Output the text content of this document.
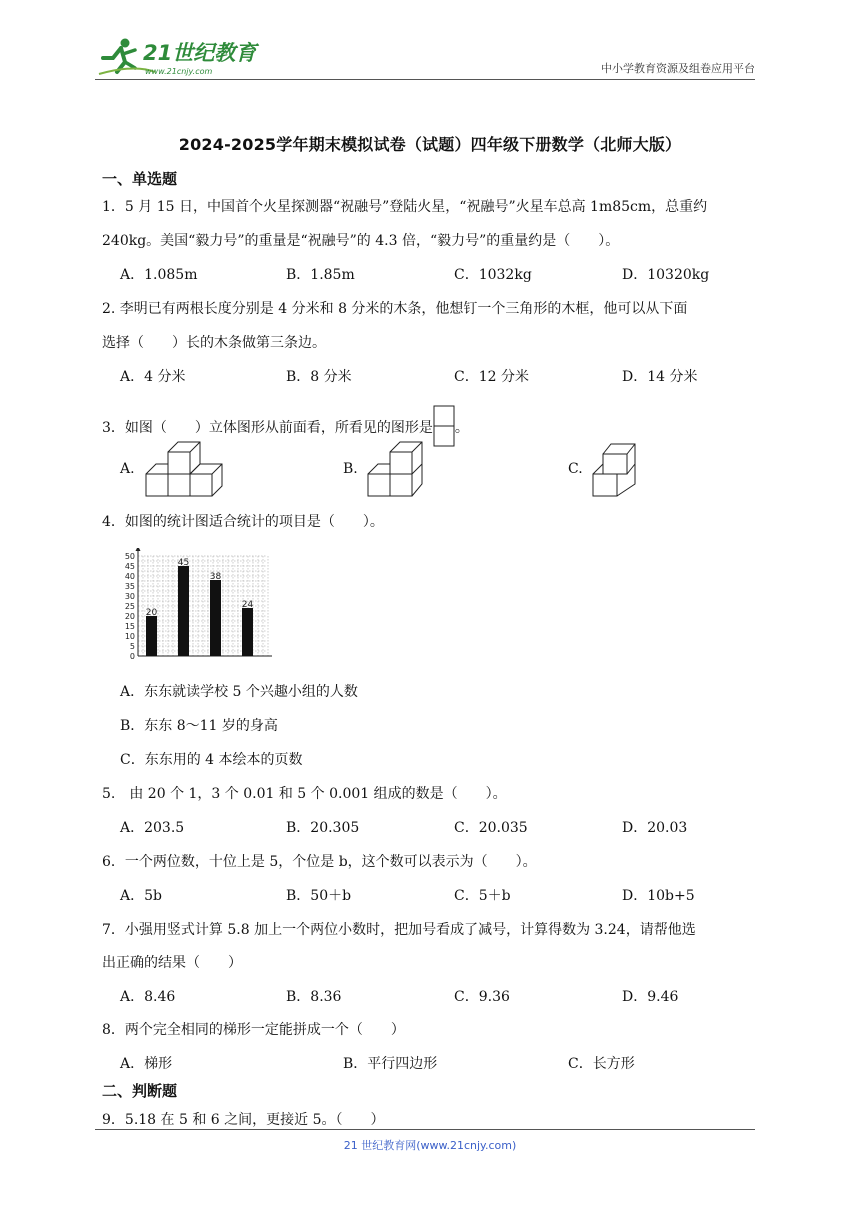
21世纪教育
www.21cnjy.com	中小学教育资源及组卷应用平台
2024-2025学年期末模拟试卷（试题）四年级下册数学（北师大版）
一、单选题
1．5 月 15 日，中国首个火星探测器“祝融号”登陆火星，“祝融号”火星车总高 1m85cm，总重约
240kg。美国“毅力号”的重量是“祝融号”的 4.3 倍，“毅力号”的重量约是（　　）。
A．1.085m	B．1.85m	C．1032kg	D．10320kg
2. 李明已有两根长度分别是 4 分米和 8 分米的木条，他想钉一个三角形的木框，他可以从下面
选择（　　）长的木条做第三条边。
A．4 分米	B．8 分米	C．12 分米	D．14 分米
3．如图（　　）立体图形从前面看，所看见的图形是 。
A.	B.	C.
4．如图的统计图适合统计的项目是（　　）。
0
5
10
15
20
25
30
35
40
45
50
20
45
38
24
A．东东就读学校 5 个兴趣小组的人数
B．东东 8～11 岁的身高
C．东东用的 4 本绘本的页数
5.　由 20 个 1，3 个 0.01 和 5 个 0.001 组成的数是（　　）。
A．203.5	B．20.305	C．20.035	D．20.03
6．一个两位数，十位上是 5，个位是 b，这个数可以表示为（　　）。
A．5b	B．50＋b	C．5＋b	D．10b+5
7．小强用竖式计算 5.8 加上一个两位小数时，把加号看成了减号，计算得数为 3.24，请帮他选
出正确的结果（　　）
A．8.46	B．8.36	C．9.36	D．9.46
8．两个完全相同的梯形一定能拼成一个（　　）
A．梯形	B．平行四边形	C．长方形
二、判断题
9．5.18 在 5 和 6 之间，更接近 5。（　　）
21 世纪教育网(www.21cnjy.com)
